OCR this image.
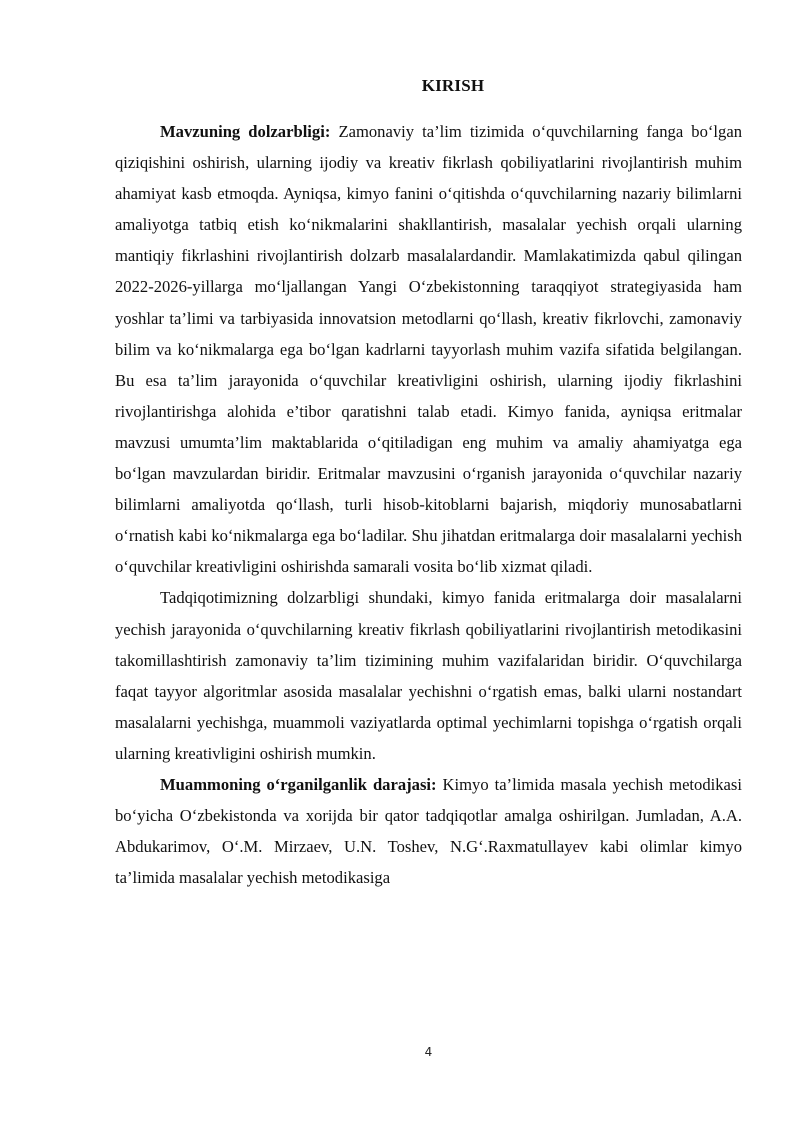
KIRISH

Mavzuning dolzarbligi: Zamonaviy ta’lim tizimida o‘quvchilarning fanga bo‘lgan qiziqishini oshirish, ularning ijodiy va kreativ fikrlash qobiliyatlarini rivojlantirish muhim ahamiyat kasb etmoqda. Ayniqsa, kimyo fanini o‘qitishda o‘quvchilarning nazariy bilimlarni amaliyotga tatbiq etish ko‘nikmalarini shakllantirish, masalalar yechish orqali ularning mantiqiy fikrlashini rivojlantirish dolzarb masalalardandir. Mamlakatimizda qabul qilingan 2022-2026-yillarga mo‘ljallangan Yangi O‘zbekistonning taraqqiyot strategiyasida ham yoshlar ta’limi va tarbiyasida innovatsion metodlarni qo‘llash, kreativ fikrlovchi, zamonaviy bilim va ko‘nikmalarga ega bo‘lgan kadrlarni tayyorlash muhim vazifa sifatida belgilangan. Bu esa ta’lim jarayonida o‘quvchilar kreativligini oshirish, ularning ijodiy fikrlashini rivojlantirishga alohida e’tibor qaratishni talab etadi. Kimyo fanida, ayniqsa eritmalar mavzusi umumta’lim maktablarida o‘qitiladigan eng muhim va amaliy ahamiyatga ega bo‘lgan mavzulardan biridir. Eritmalar mavzusini o‘rganish jarayonida o‘quvchilar nazariy bilimlarni amaliyotda qo‘llash, turli hisob-kitoblarni bajarish, miqdoriy munosabatlarni o‘rnatish kabi ko‘nikmalarga ega bo‘ladilar. Shu jihatdan eritmalarga doir masalalarni yechish o‘quvchilar kreativligini oshirishda samarali vosita bo‘lib xizmat qiladi.

Tadqiqotimizning dolzarbligi shundaki, kimyo fanida eritmalarga doir masalalarni yechish jarayonida o‘quvchilarning kreativ fikrlash qobiliyatlarini rivojlantirish metodikasini takomillashtirish zamonaviy ta’lim tizimining muhim vazifalaridan biridir. O‘quvchilarga faqat tayyor algoritmlar asosida masalalar yechishni o‘rgatish emas, balki ularni nostandart masalalarni yechishga, muammoli vaziyatlarda optimal yechimlarni topishga o‘rgatish orqali ularning kreativligini oshirish mumkin.

Muammoning o‘rganilganlik darajasi: Kimyo ta’limida masala yechish metodikasi bo‘yicha O‘zbekistonda va xorijda bir qator tadqiqotlar amalga oshirilgan. Jumladan, A.A. Abdukarimov, O‘.M. Mirzaev, U.N. Toshev, N.G‘.Raxmatullayev kabi olimlar kimyo ta’limida masalalar yechish metodikasiga

4
